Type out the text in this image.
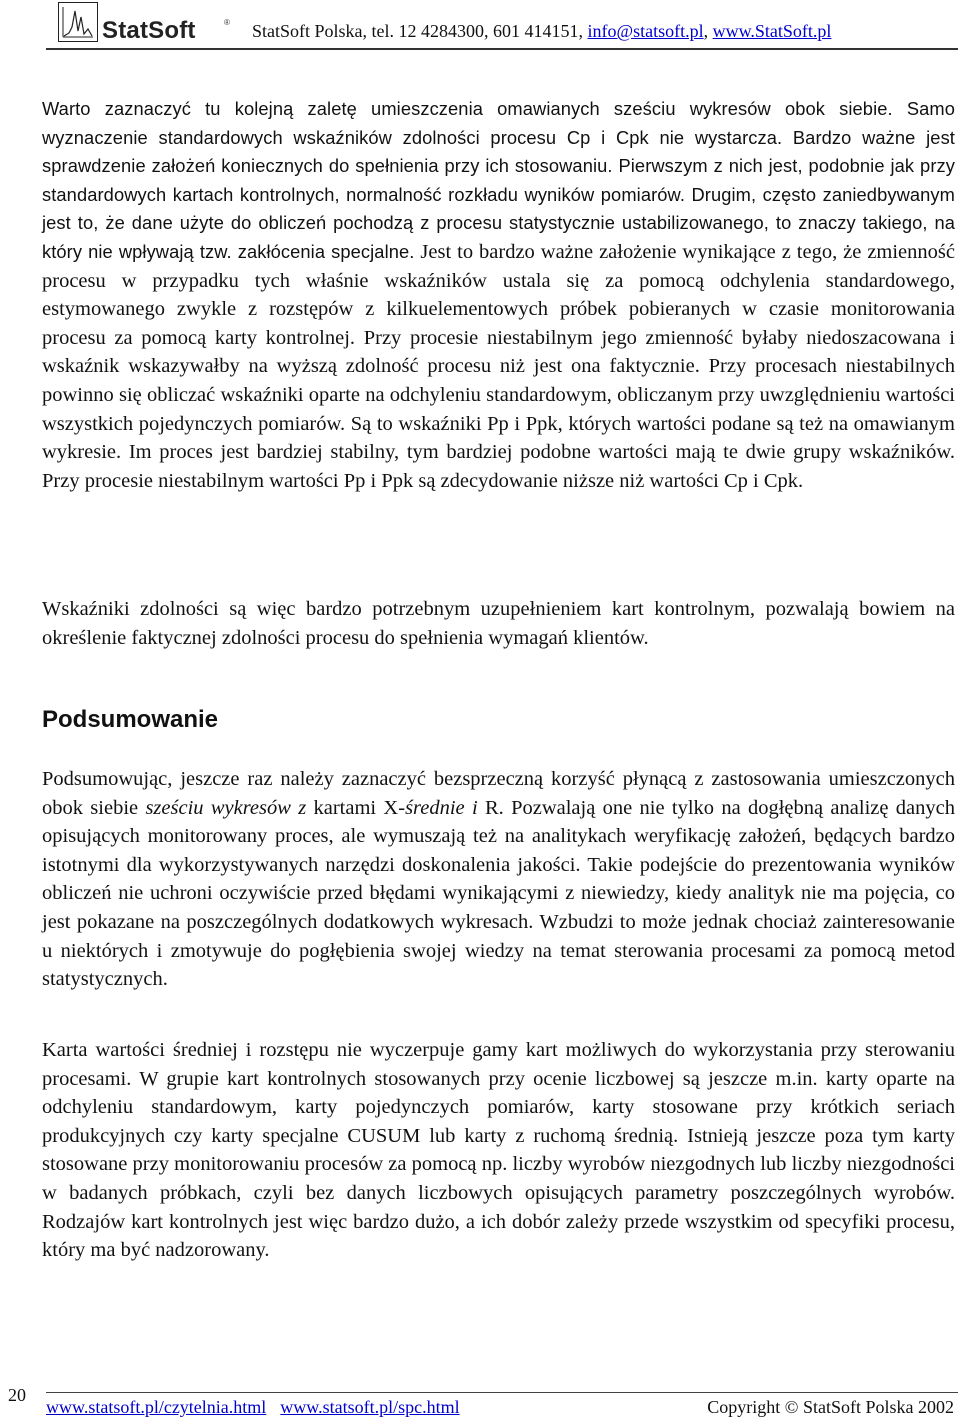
StatSoft	® StatSoft Polska, tel. 12 4284300, 601 414151, info@statsoft.pl, www.StatSoft.pl

Warto zaznaczyć tu kolejną zaletę umieszczenia omawianych sześciu wykresów obok siebie. Samo wyznaczenie standardowych wskaźników zdolności procesu Cp i Cpk nie wystarcza. Bardzo ważne jest sprawdzenie założeń koniecznych do spełnienia przy ich stosowaniu. Pierwszym z nich jest, podobnie jak przy standardowych kartach kontrolnych, normalność rozkładu wyników pomiarów. Drugim, często zaniedbywanym jest to, że dane użyte do obliczeń pochodzą z procesu statystycznie ustabilizowanego, to znaczy takiego, na który nie wpływają tzw. zakłócenia specjalne. Jest to bardzo ważne założenie wynikające z tego, że zmienność procesu w przypadku tych właśnie wskaźników ustala się za pomocą odchylenia standardowego, estymowanego zwykle z rozstępów z kilkuelementowych próbek pobieranych w czasie monitorowania procesu za pomocą karty kontrolnej. Przy procesie niestabilnym jego zmienność byłaby niedoszacowana i wskaźnik wskazywałby na wyższą zdolność procesu niż jest ona faktycznie. Przy procesach niestabilnych powinno się obliczać wskaźniki oparte na odchyleniu standardowym, obliczanym przy uwzględnieniu wartości wszystkich pojedynczych pomiarów. Są to wskaźniki Pp i Ppk, których wartości podane są też na omawianym wykresie. Im proces jest bardziej stabilny, tym bardziej podobne wartości mają te dwie grupy wskaźników. Przy procesie niestabilnym wartości Pp i Ppk są zdecydowanie niższe niż wartości Cp i Cpk.

Wskaźniki zdolności są więc bardzo potrzebnym uzupełnieniem kart kontrolnym, pozwalają bowiem na określenie faktycznej zdolności procesu do spełnienia wymagań klientów.

Podsumowanie

Podsumowując, jeszcze raz należy zaznaczyć bezsprzeczną korzyść płynącą z zastosowania umieszczonych obok siebie sześciu wykresów z kartami X-średnie i R. Pozwalają one nie tylko na dogłębną analizę danych opisujących monitorowany proces, ale wymuszają też na analitykach weryfikację założeń, będących bardzo istotnymi dla wykorzystywanych narzędzi doskonalenia jakości. Takie podejście do prezentowania wyników obliczeń nie uchroni oczywiście przed błędami wynikającymi z niewiedzy, kiedy analityk nie ma pojęcia, co jest pokazane na poszczególnych dodatkowych wykresach. Wzbudzi to może jednak chociaż zainteresowanie u niektórych i zmotywuje do pogłębienia swojej wiedzy na temat sterowania procesami za pomocą metod statystycznych.

Karta wartości średniej i rozstępu nie wyczerpuje gamy kart możliwych do wykorzystania przy sterowaniu procesami. W grupie kart kontrolnych stosowanych przy ocenie liczbowej są jeszcze m.in. karty oparte na odchyleniu standardowym, karty pojedynczych pomiarów, karty stosowane przy krótkich seriach produkcyjnych czy karty specjalne CUSUM lub karty z ruchomą średnią. Istnieją jeszcze poza tym karty stosowane przy monitorowaniu procesów za pomocą np. liczby wyrobów niezgodnych lub liczby niezgodności w badanych próbkach, czyli bez danych liczbowych opisujących parametry poszczególnych wyrobów. Rodzajów kart kontrolnych jest więc bardzo dużo, a ich dobór zależy przede wszystkim od specyfiki procesu, który ma być nadzorowany.

20
www.statsoft.pl/czytelnia.html www.statsoft.pl/spc.html	Copyright © StatSoft Polska 2002
